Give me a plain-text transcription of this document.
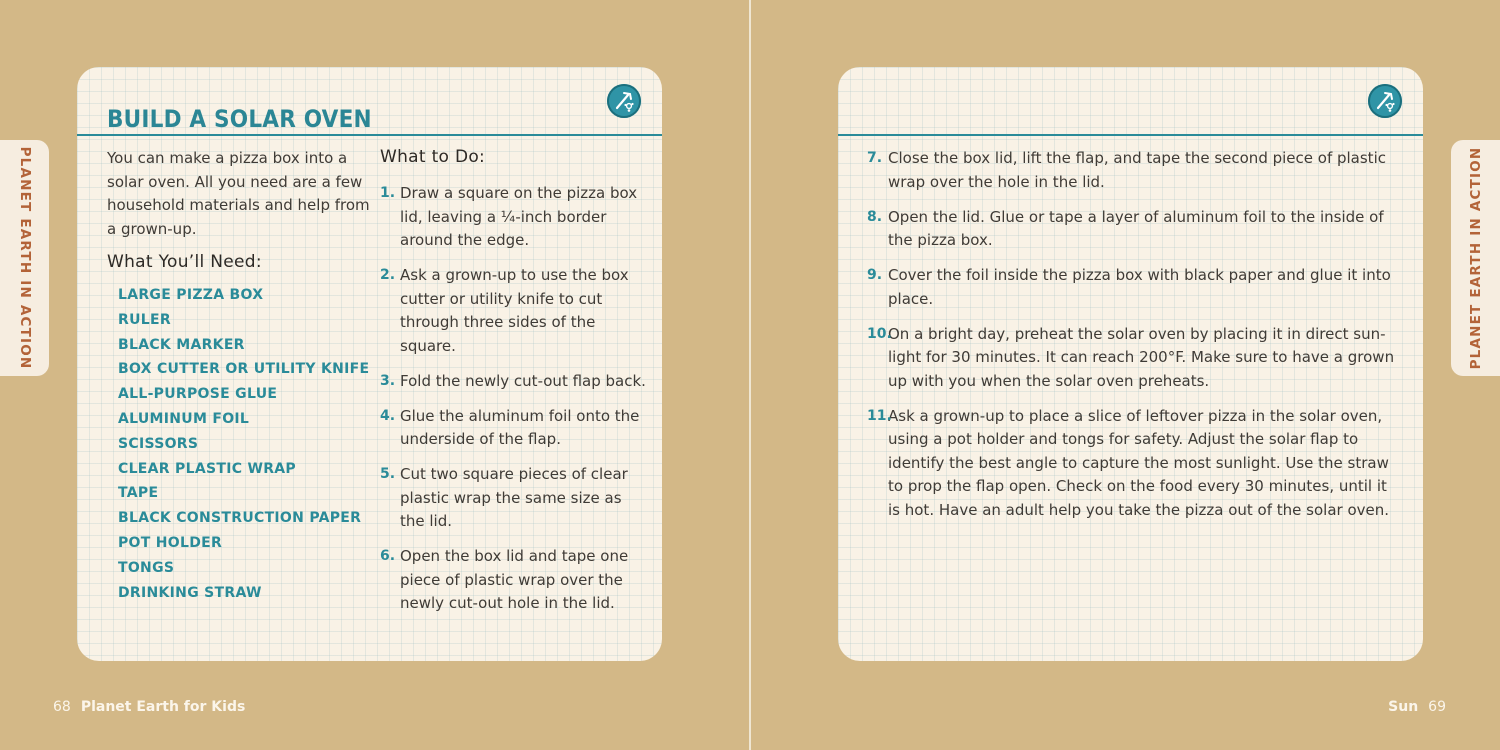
PLANET EARTH IN ACTION
BUILD A SOLAR OVEN

You can make a pizza box into a solar oven. All you need are a few household materials and help from a grown-up.

What You’ll Need:
LARGE PIZZA BOX
RULER
BLACK MARKER
BOX CUTTER OR UTILITY KNIFE
ALL-PURPOSE GLUE
ALUMINUM FOIL
SCISSORS
CLEAR PLASTIC WRAP
TAPE
BLACK CONSTRUCTION PAPER
POT HOLDER
TONGS
DRINKING STRAW
What to Do:
1. Draw a square on the pizza box lid, leaving a ¼-inch border around the edge.
2. Ask a grown-up to use the box cutter or utility knife to cut through three sides of the square.
3. Fold the newly cut-out flap back.
4. Glue the aluminum foil onto the underside of the flap.
5. Cut two square pieces of clear plastic wrap the same size as the lid.
6. Open the box lid and tape one piece of plastic wrap over the newly cut-out hole in the lid.
68 Planet Earth for Kids
7. Close the box lid, lift the flap, and tape the second piece of plastic wrap over the hole in the lid.
8. Open the lid. Glue or tape a layer of aluminum foil to the inside of the pizza box.
9. Cover the foil inside the pizza box with black paper and glue it into place.
10.
On a bright day, preheat the solar oven by placing it in direct sun-light for 30 minutes. It can reach 200°F. Make sure to have a grown up with you when the solar oven preheats.
11.
Ask a grown-up to place a slice of leftover pizza in the solar oven, using a pot holder and tongs for safety. Adjust the solar flap to identify the best angle to capture the most sunlight. Use the straw to prop the flap open. Check on the food every 30 minutes, until it is hot. Have an adult help you take the pizza out of the solar oven.
PLANET EARTH IN ACTION
Sun 69
